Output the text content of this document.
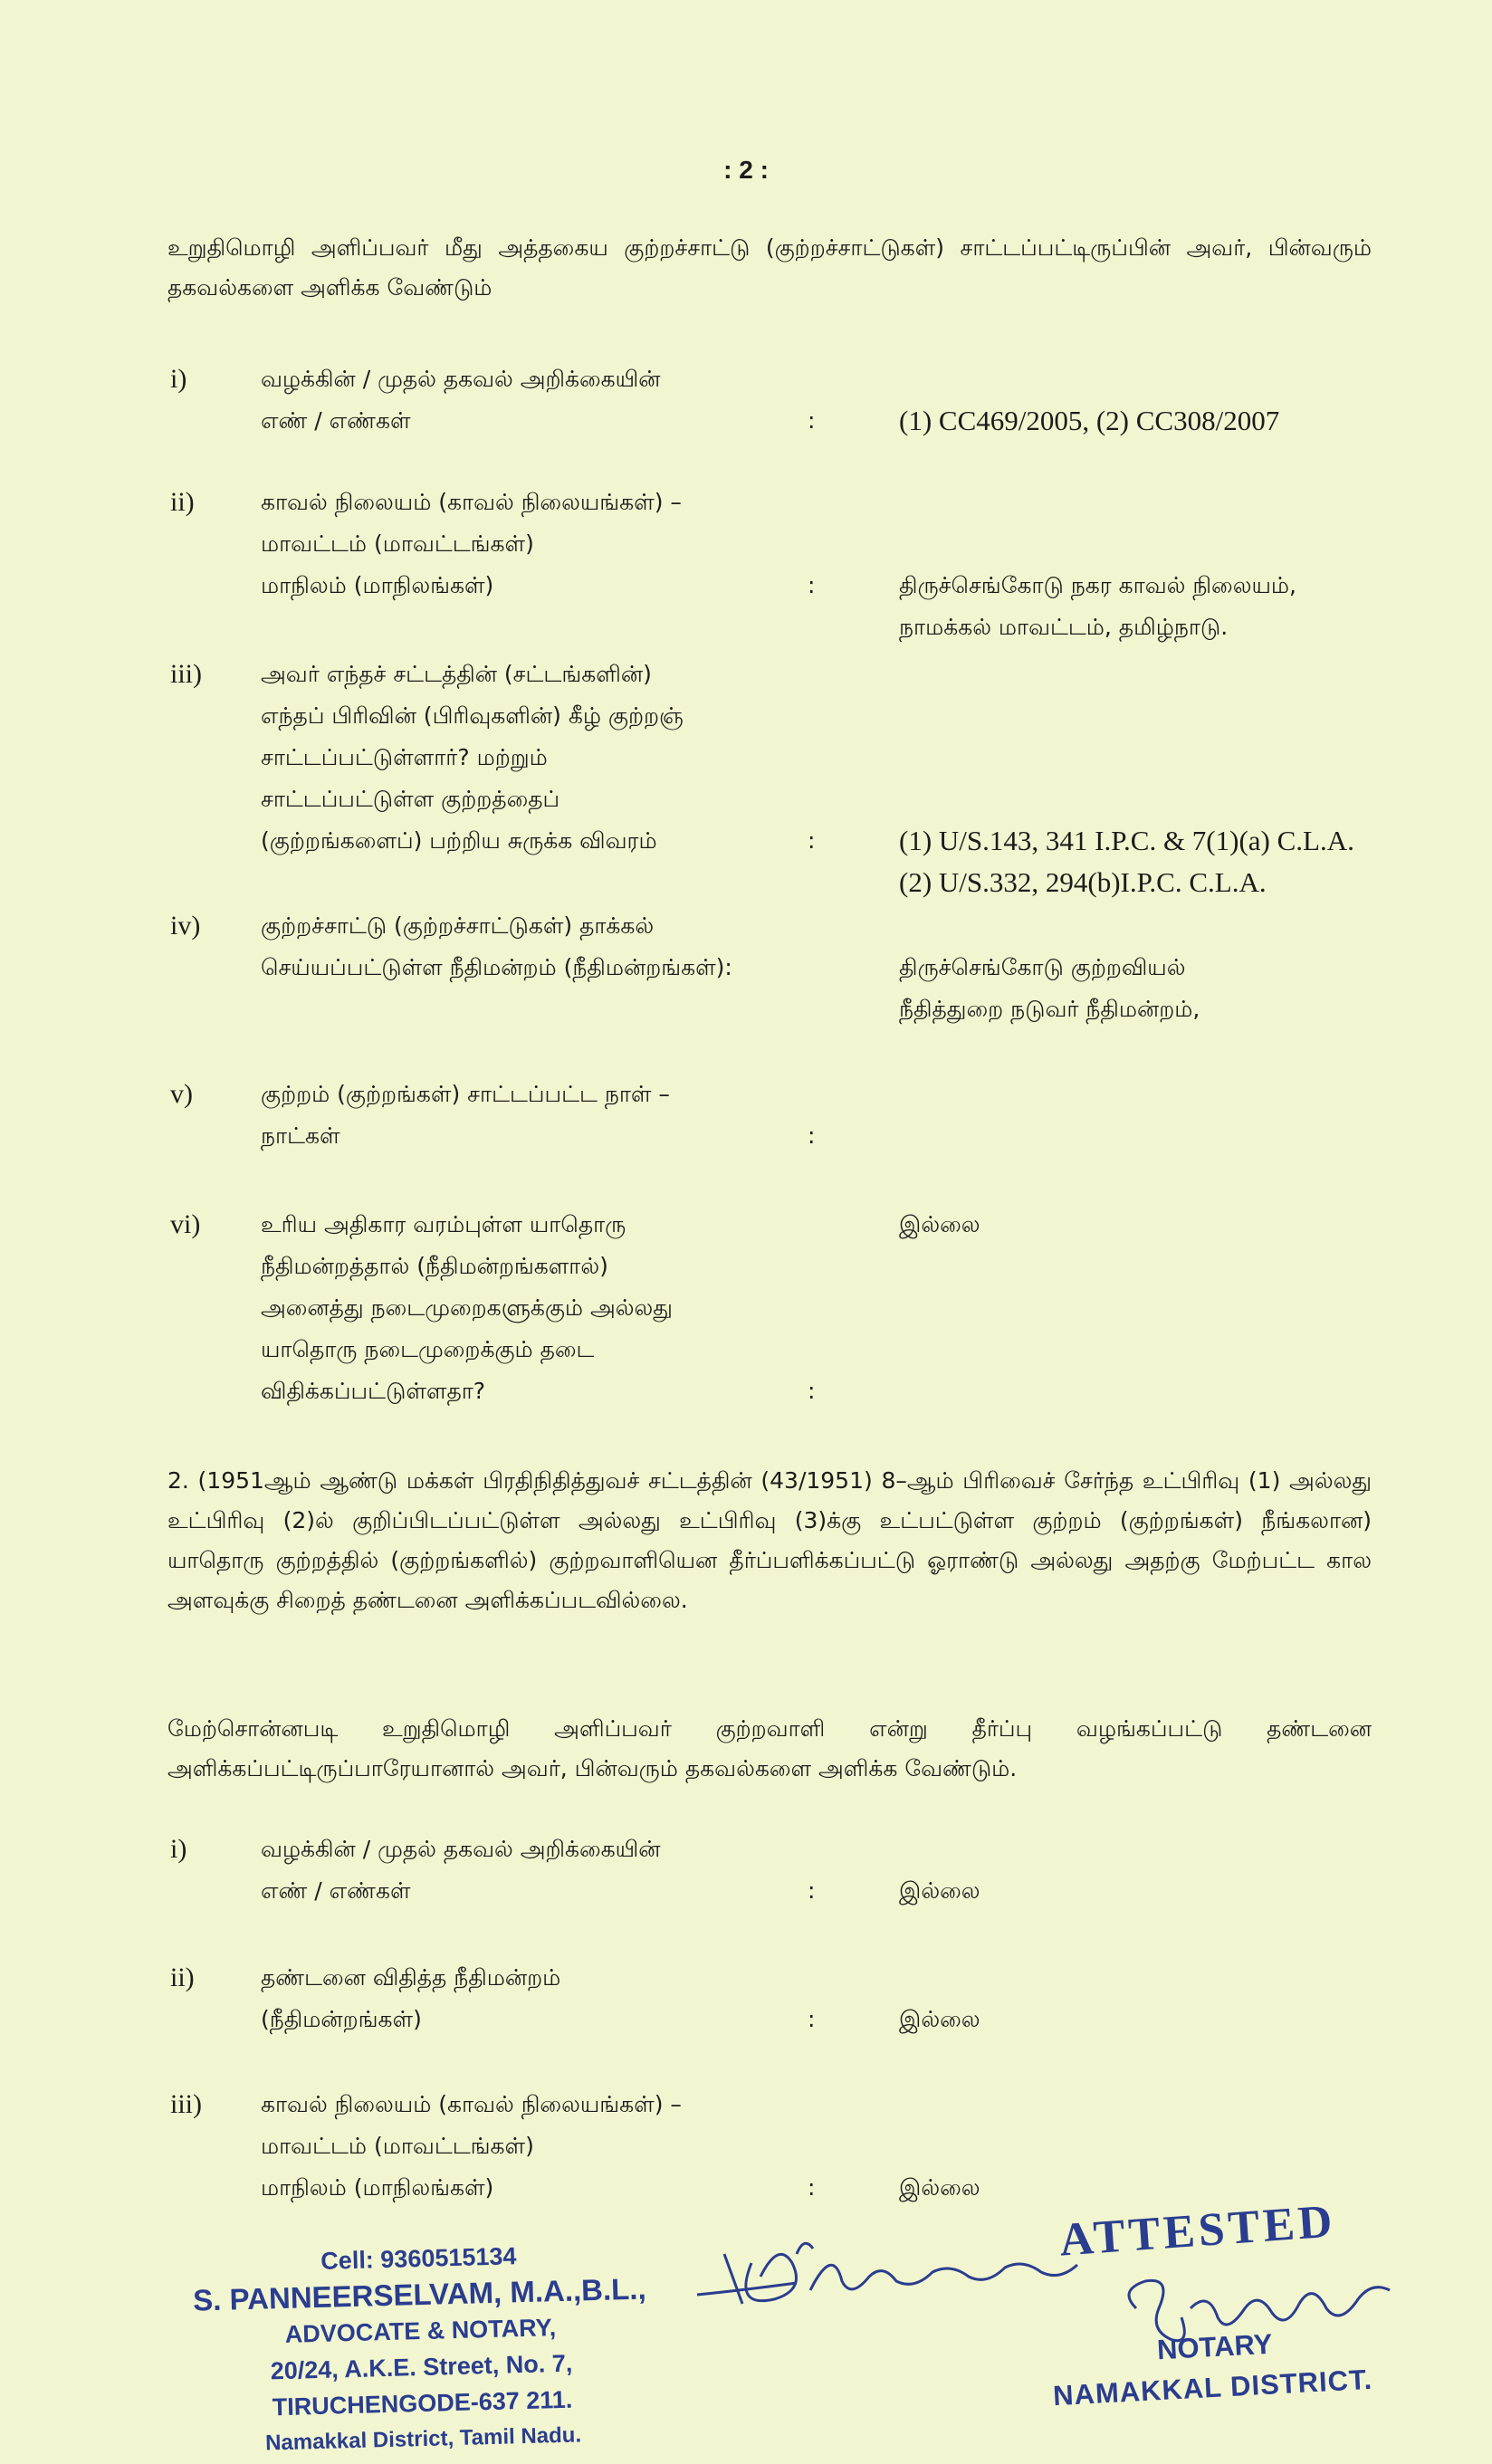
: 2 :
உறுதிமொழி அளிப்பவர் மீது அத்தகைய குற்றச்சாட்டு (குற்றச்சாட்டுகள்) சாட்டப்பட்டிருப்பின் அவர், பின்வரும் தகவல்களை அளிக்க வேண்டும்
i)	வழக்கின் / முதல் தகவல் அறிக்கையின்
எண் / எண்கள்	:	(1) CC469/2005, (2) CC308/2007
ii)	காவல் நிலையம் (காவல் நிலையங்கள்) –
மாவட்டம் (மாவட்டங்கள்)
மாநிலம் (மாநிலங்கள்)	:	திருச்செங்கோடு நகர காவல் நிலையம்,
நாமக்கல் மாவட்டம், தமிழ்நாடு.
iii)	அவர் எந்தச் சட்டத்தின் (சட்டங்களின்)
எந்தப் பிரிவின் (பிரிவுகளின்) கீழ் குற்றஞ்
சாட்டப்பட்டுள்ளார்? மற்றும்
சாட்டப்பட்டுள்ள குற்றத்தைப்
(குற்றங்களைப்) பற்றிய சுருக்க விவரம்	:	(1) U/S.143, 341 I.P.C. & 7(1)(a) C.L.A.
(2) U/S.332, 294(b)I.P.C. C.L.A.
iv)	குற்றச்சாட்டு (குற்றச்சாட்டுகள்) தாக்கல்
செய்யப்பட்டுள்ள நீதிமன்றம் (நீதிமன்றங்கள்):	திருச்செங்கோடு குற்றவியல்
நீதித்துறை நடுவர் நீதிமன்றம்,
v)	குற்றம் (குற்றங்கள்) சாட்டப்பட்ட நாள் –
நாட்கள்	:
vi)	உரிய அதிகார வரம்புள்ள யாதொரு
நீதிமன்றத்தால் (நீதிமன்றங்களால்)
அனைத்து நடைமுறைகளுக்கும் அல்லது
யாதொரு நடைமுறைக்கும் தடை
விதிக்கப்பட்டுள்ளதா?	:
இல்லை
2. (1951ஆம் ஆண்டு மக்கள் பிரதிநிதித்துவச் சட்டத்தின் (43/1951) 8–ஆம் பிரிவைச் சேர்ந்த உட்பிரிவு (1) அல்லது உட்பிரிவு (2)ல் குறிப்பிடப்பட்டுள்ள அல்லது உட்பிரிவு (3)க்கு உட்பட்டுள்ள குற்றம் (குற்றங்கள்) நீங்கலான) யாதொரு குற்றத்தில் (குற்றங்களில்) குற்றவாளியென தீர்ப்பளிக்கப்பட்டு ஓராண்டு அல்லது அதற்கு மேற்பட்ட கால அளவுக்கு சிறைத் தண்டனை அளிக்கப்படவில்லை.
மேற்சொன்னபடி உறுதிமொழி அளிப்பவர் குற்றவாளி என்று தீர்ப்பு வழங்கப்பட்டு தண்டனை அளிக்கப்பட்டிருப்பாரேயானால் அவர், பின்வரும் தகவல்களை அளிக்க வேண்டும்.
i)	வழக்கின் / முதல் தகவல் அறிக்கையின்
எண் / எண்கள்	:	இல்லை
ii)	தண்டனை விதித்த நீதிமன்றம்
(நீதிமன்றங்கள்)	:	இல்லை
iii)	காவல் நிலையம் (காவல் நிலையங்கள்) –
மாவட்டம் (மாவட்டங்கள்)
மாநிலம் (மாநிலங்கள்)	:	இல்லை
ATTESTED
NOTARY
NAMAKKAL DISTRICT.
Cell: 9360515134
S. PANNEERSELVAM, M.A.,B.L.,
ADVOCATE & NOTARY,
20/24, A.K.E. Street, No. 7,
TIRUCHENGODE-637 211.
Namakkal District, Tamil Nadu.
